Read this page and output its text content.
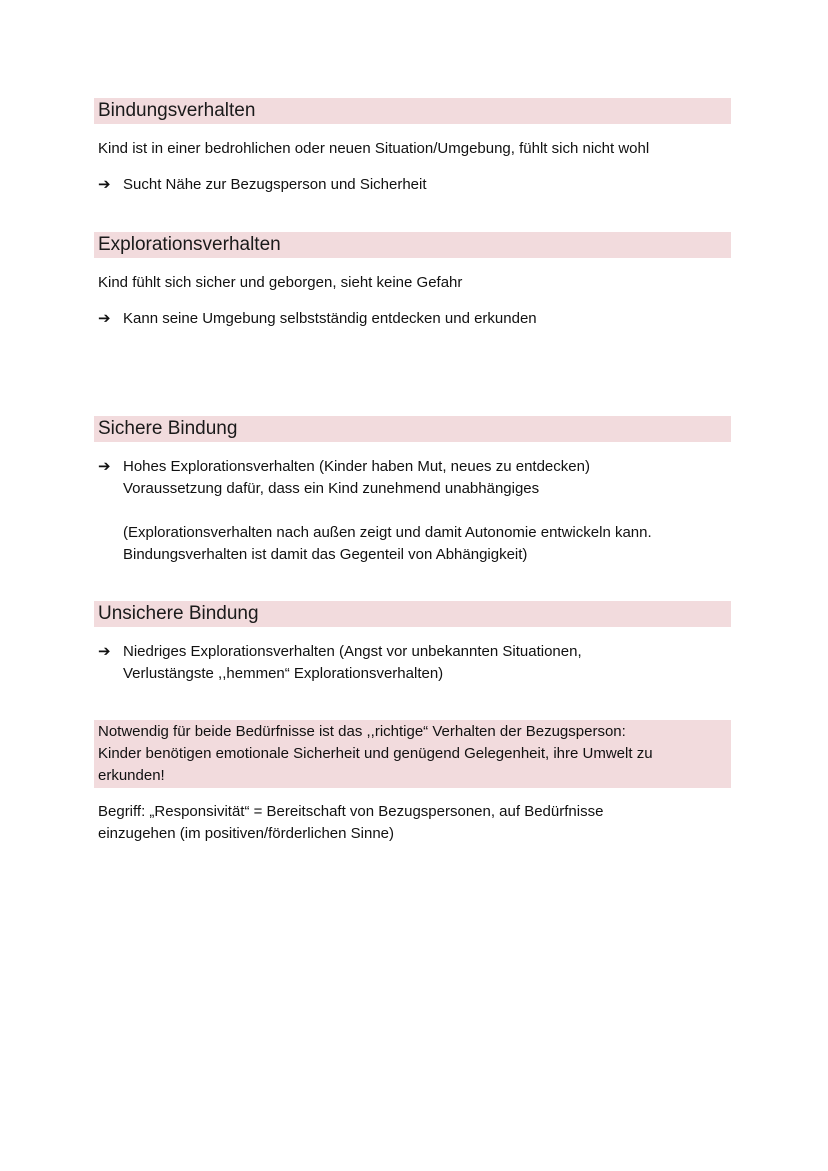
Bindungsverhalten
Kind ist in einer bedrohlichen oder neuen Situation/Umgebung, fühlt sich nicht wohl
➔ Sucht Nähe zur Bezugsperson und Sicherheit
Explorationsverhalten
Kind fühlt sich sicher und geborgen, sieht keine Gefahr
➔ Kann seine Umgebung selbstständig entdecken und erkunden
Sichere Bindung
➔ Hohes Explorationsverhalten (Kinder haben Mut, neues zu entdecken)
Voraussetzung dafür, dass ein Kind zunehmend unabhängiges
(Explorationsverhalten nach außen zeigt und damit Autonomie entwickeln kann.
Bindungsverhalten ist damit das Gegenteil von Abhängigkeit)
Unsichere Bindung
➔ Niedriges Explorationsverhalten (Angst vor unbekannten Situationen,
Verlustängste ,,hemmen“ Explorationsverhalten)
Notwendig für beide Bedürfnisse ist das ,,richtige“ Verhalten der Bezugsperson:
Kinder benötigen emotionale Sicherheit und genügend Gelegenheit, ihre Umwelt zu
erkunden!
Begriff: „Responsivität“ = Bereitschaft von Bezugspersonen, auf Bedürfnisse
einzugehen (im positiven/förderlichen Sinne)
